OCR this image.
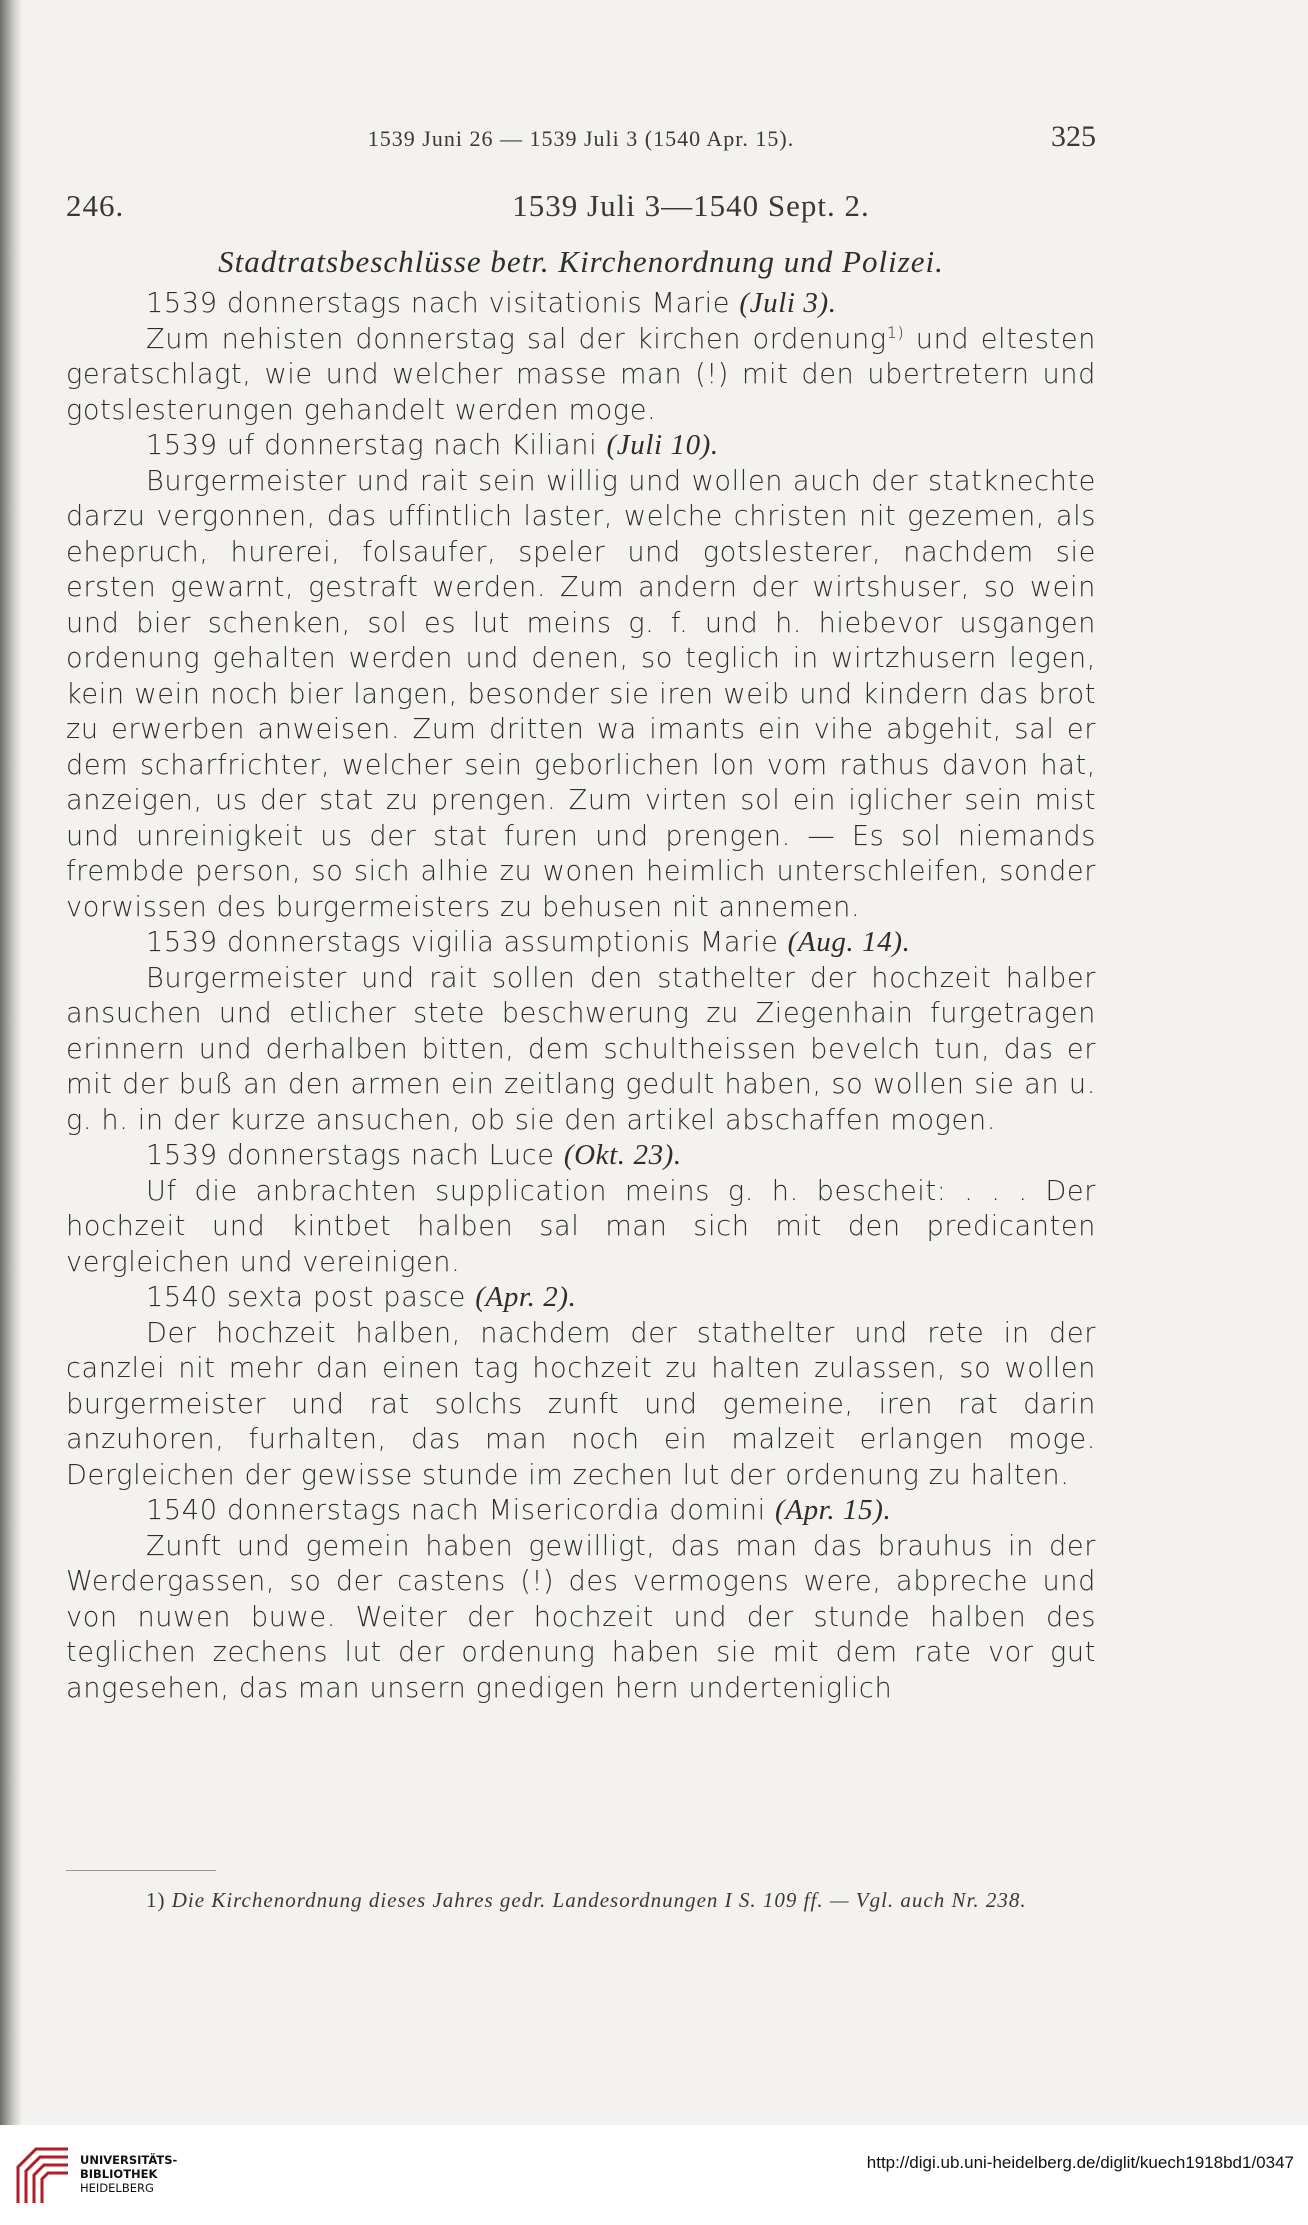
1539 Juni 26 — 1539 Juli 3 (1540 Apr. 15).	325
246.	1539 Juli 3—1540 Sept. 2.
Stadtratsbeschlüsse betr. Kirchenordnung und Polizei.

1539 donnerstags nach visitationis Marie (Juli 3).

Zum nehisten donnerstag sal der kirchen ordenung$^{1)}$ und eltesten geratschlagt, wie und welcher masse man (!) mit den ubertretern und gotslesterungen gehandelt werden moge.

1539 uf donnerstag nach Kiliani (Juli 10).

Burgermeister und rait sein willig und wollen auch der statknechte darzu vergonnen, das uffintlich laster, welche christen nit gezemen, als ehepruch, hurerei, folsaufer, speler und gotslesterer, nachdem sie ersten gewarnt, gestraft werden. Zum andern der wirtshuser, so wein und bier schenken, sol es lut meins g. f. und h. hiebevor usgangen ordenung gehalten werden und denen, so teglich in wirtzhusern legen, kein wein noch bier langen, besonder sie iren weib und kindern das brot zu erwerben anweisen. Zum dritten wa imants ein vihe abgehit, sal er dem scharfrichter, welcher sein geborlichen lon vom rathus davon hat, anzeigen, us der stat zu prengen. Zum virten sol ein iglicher sein mist und unreinigkeit us der stat furen und prengen. — Es sol niemands frembde person, so sich alhie zu wonen heimlich unterschleifen, sonder vorwissen des burgermeisters zu behusen nit annemen.

1539 donnerstags vigilia assumptionis Marie (Aug. 14).

Burgermeister und rait sollen den stathelter der hochzeit halber ansuchen und etlicher stete beschwerung zu Ziegenhain furgetragen erinnern und derhalben bitten, dem schultheissen bevelch tun, das er mit der buß an den armen ein zeitlang gedult haben, so wollen sie an u. g. h. in der kurze ansuchen, ob sie den artikel abschaffen mogen.

1539 donnerstags nach Luce (Okt. 23).

Uf die anbrachten supplication meins g. h. bescheit: . . . Der hochzeit und kintbet halben sal man sich mit den predicanten vergleichen und vereinigen.

1540 sexta post pasce (Apr. 2).

Der hochzeit halben, nachdem der stathelter und rete in der canzlei nit mehr dan einen tag hochzeit zu halten zulassen, so wollen burgermeister und rat solchs zunft und gemeine, iren rat darin anzuhoren, furhalten, das man noch ein malzeit erlangen moge. Dergleichen der gewisse stunde im zechen lut der ordenung zu halten.

1540 donnerstags nach Misericordia domini (Apr. 15).

Zunft und gemein haben gewilligt, das man das brauhus in der Werdergassen, so der castens (!) des vermogens were, abpreche und von nuwen buwe. Weiter der hochzeit und der stunde halben des teglichen zechens lut der ordenung haben sie mit dem rate vor gut angesehen, das man unsern gnedigen hern underteniglich

1) Die Kirchenordnung dieses Jahres gedr. Landesordnungen I S. 109 ff. — Vgl. auch Nr. 238.
UNIVERSITÄTS-
BIBLIOTHEK
HEIDELBERG
http://digi.ub.uni-heidelberg.de/diglit/kuech1918bd1/0347
